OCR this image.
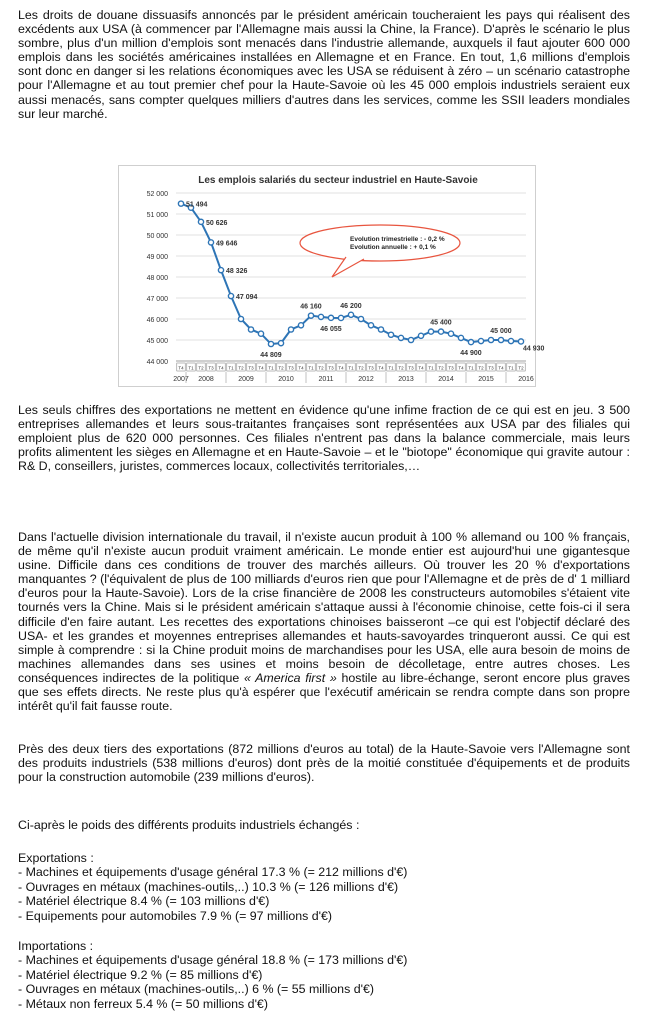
Les droits de douane dissuasifs annoncés par le président américain toucheraient les pays qui réalisent des excédents aux USA (à commencer par l'Allemagne mais aussi la Chine, la France). D'après le scénario le plus sombre, plus d'un million d'emplois sont menacés dans l'industrie allemande, auxquels il faut ajouter 600 000 emplois dans les sociétés américaines installées en Allemagne et en France. En tout, 1,6 millions d'emplois sont donc en danger si les relations économiques avec les USA se réduisent à zéro – un scénario catastrophe pour l'Allemagne et au tout premier chef pour la Haute-Savoie où les 45 000 emplois industriels seraient eux aussi menacés, sans compter quelques milliers d'autres dans les services, comme les SSII leaders mondiales sur leur marché.

Les emplois salariés du secteur industriel en Haute-Savoie
44 000
45 000
46 000
47 000
48 000
49 000
50 000
51 000
52 000
Evolution trimestrielle : - 0,2 %
Evolution annuelle : + 0,1 %
51 494
50 626
49 646
48 326
47 094
44 809
46 160
46 055
46 200
45 400
44 900
45 000
44 930
T4 T1 T2 T3 T4 T1 T2 T3 T4 T1 T2 T3 T4 T1 T2 T3 T4 T1 T2 T3 T4 T1 T2 T3 T4 T1 T2 T3 T4 T1 T2 T3 T4 T1 T2
2007 2008	2009	2010	2011	2012	2013	2014	2015	2016

Les seuls chiffres des exportations ne mettent en évidence qu'une infime fraction de ce qui est en jeu. 3 500 entreprises allemandes et leurs sous-traitantes françaises sont représentées aux USA par des filiales qui emploient plus de 620 000 personnes. Ces filiales n'entrent pas dans la balance commerciale, mais leurs profits alimentent les sièges en Allemagne et en Haute-Savoie – et le "biotope" économique qui gravite autour : R& D, conseillers, juristes, commerces locaux, collectivités territoriales,…

Dans l'actuelle division internationale du travail, il n'existe aucun produit à 100 % allemand ou 100 % français, de même qu'il n'existe aucun produit vraiment américain. Le monde entier est aujourd'hui une gigantesque usine. Difficile dans ces conditions de trouver des marchés ailleurs. Où trouver les 20 % d'exportations manquantes ? (l'équivalent de plus de 100 milliards d'euros rien que pour l'Allemagne et de près de d' 1 milliard d'euros pour la Haute-Savoie). Lors de la crise financière de 2008 les constructeurs automobiles s'étaient vite tournés vers la Chine. Mais si le président américain s'attaque aussi à l'économie chinoise, cette fois-ci il sera difficile d'en faire autant. Les recettes des exportations chinoises baisseront –ce qui est l'objectif déclaré des USA- et les grandes et moyennes entreprises allemandes et hauts-savoyardes trinqueront aussi. Ce qui est simple à comprendre : si la Chine produit moins de marchandises pour les USA, elle aura besoin de moins de machines allemandes dans ses usines et moins besoin de décolletage, entre autres choses. Les conséquences indirectes de la politique « America first » hostile au libre-échange, seront encore plus graves que ses effets directs. Ne reste plus qu'à espérer que l'exécutif américain se rendra compte dans son propre intérêt qu'il fait fausse route.

Près des deux tiers des exportations (872 millions d'euros au total) de la Haute-Savoie vers l'Allemagne sont des produits industriels (538 millions d'euros) dont près de la moitié constituée d'équipements et de produits pour la construction automobile (239 millions d'euros).

Ci-après le poids des différents produits industriels échangés :

Exportations :
- Machines et équipements d'usage général 17.3 % (= 212 millions d'€)
- Ouvrages en métaux (machines-outils,..) 10.3 % (= 126 millions d'€)
- Matériel électrique 8.4 % (= 103 millions d'€)
- Equipements pour automobiles 7.9 % (= 97 millions d'€)
Importations :
- Machines et équipements d'usage général 18.8 % (= 173 millions d'€)
- Matériel électrique 9.2 % (= 85 millions d'€)
- Ouvrages en métaux (machines-outils,..) 6 % (= 55 millions d'€)
- Métaux non ferreux 5.4 % (= 50 millions d'€)
